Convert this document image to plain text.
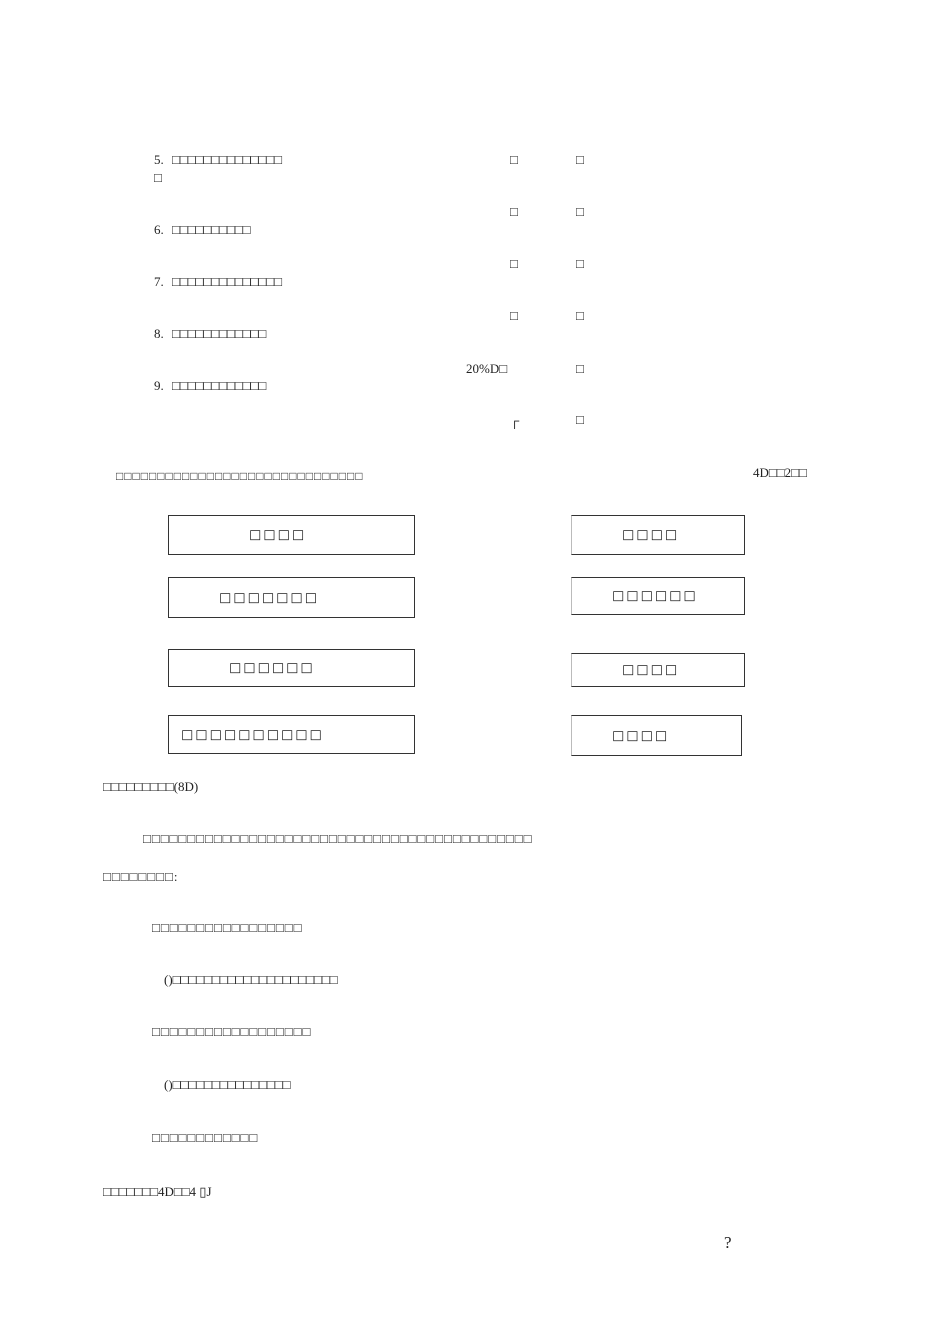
5. □□□□□□□□□□□□□□
□
6. □□□□□□□□□□
7. □□□□□□□□□□□□□□
8. □□□□□□□□□□□□
9. □□□□□□□□□□□□
□
□
□
□
20%D□
┌
□
□
□
□
□
□
□□□□□□□□□□□□□□□□□□□□□□□□□□□□□□	4D□□2□□
□□□□
□□□□□□□
□□□□□□
□□□□□□□□□□
□□□□
□□□□□□
□□□□
□□□□
□□□□□□□□□(8D)
□□□□□□□□□□□□□□□□□□□□□□□□□□□□□□□□□□□□□□□□□□□□
□□□□□□□□:
□□□□□□□□□□□□□□□□□
()□□□□□□□□□□□□□□□□□□□□□
□□□□□□□□□□□□□□□□□□
()□□□□□□□□□□□□□□□
□□□□□□□□□□□□
□□□□□□□4D□□4 ▯J
?
